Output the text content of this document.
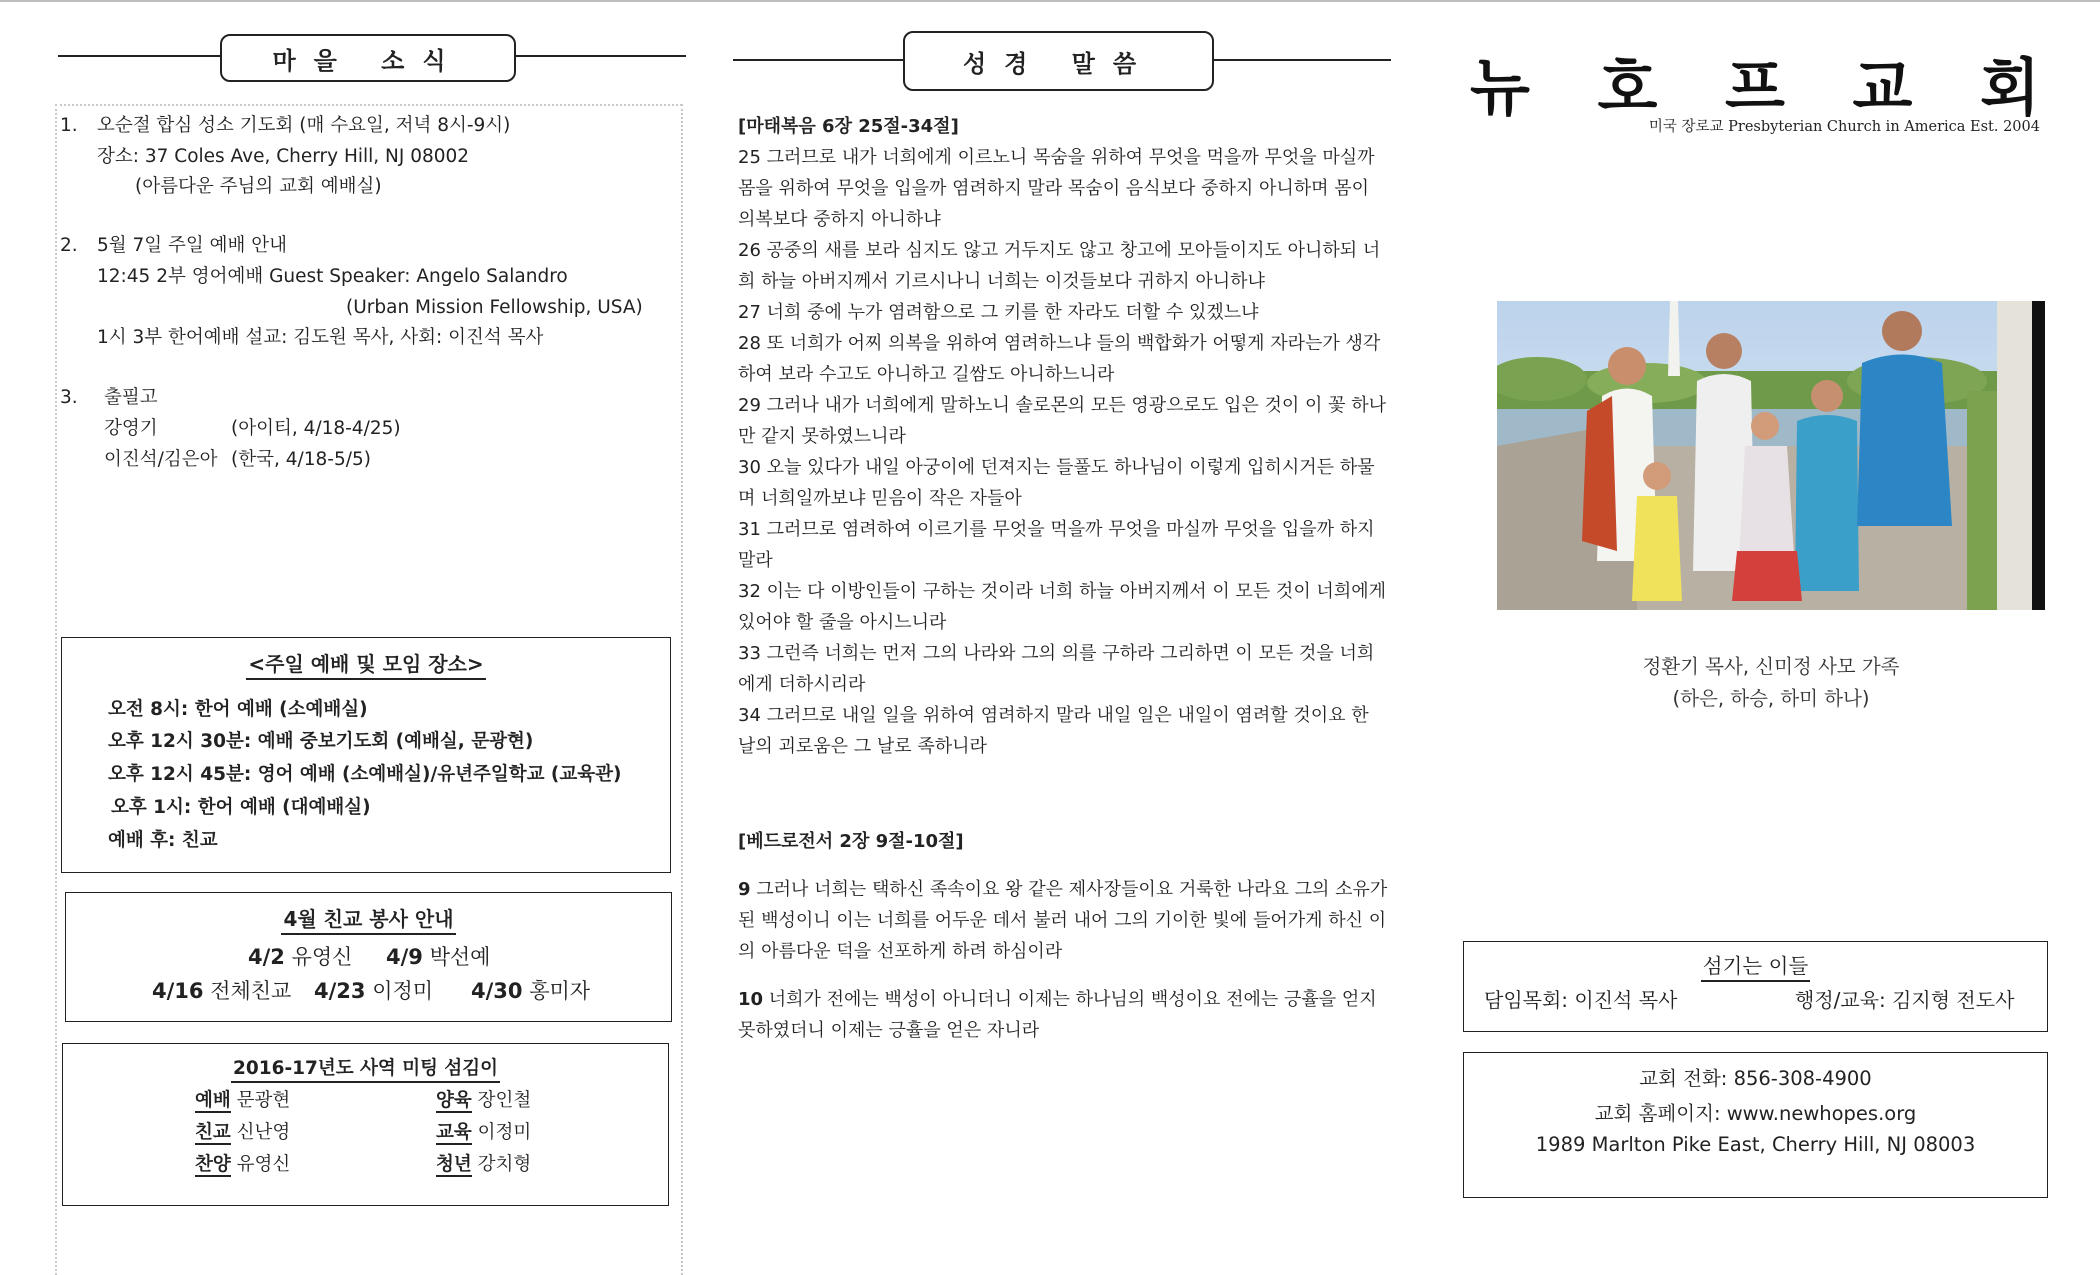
마을 소식
1. 오순절 합심 성소 기도회 (매 수요일, 저녁 8시-9시)
장소: 37 Coles Ave, Cherry Hill, NJ 08002
(아름다운 주님의 교회 예배실)
2. 5월 7일 주일 예배 안내
12:45 2부 영어예배 Guest Speaker: Angelo Salandro
(Urban Mission Fellowship, USA)
1시 3부 한어예배 설교: 김도원 목사, 사회: 이진석 목사
3. 출필고
강영기	(아이티, 4/18-4/25)
이진석/김은아 (한국, 4/18-5/5)
<주일 예배 및 모임 장소>
오전 8시: 한어 예배 (소예배실)
오후 12시 30분: 예배 중보기도회 (예배실, 문광현)
오후 12시 45분: 영어 예배 (소예배실)/유년주일학교 (교육관)
오후 1시: 한어 예배 (대예배실)
예배 후: 친교
4월 친교 봉사 안내
4/2 유영신 4/9 박선예
4/16 전체친교 4/23 이정미 4/30 홍미자
2016-17년도 사역 미팅 섬김이
예배 문광현
친교 신난영
찬양 유영신
양육 장인철
교육 이정미
청년 강치형
성경 말씀

[마태복음 6장 25절-34절]

25 그러므로 내가 너희에게 이르노니 목숨을 위하여 무엇을 먹을까 무엇을 마실까 몸을 위하여 무엇을 입을까 염려하지 말라 목숨이 음식보다 중하지 아니하며 몸이 의복보다 중하지 아니하냐

26 공중의 새를 보라 심지도 않고 거두지도 않고 창고에 모아들이지도 아니하되 너희 하늘 아버지께서 기르시나니 너희는 이것들보다 귀하지 아니하냐

27 너희 중에 누가 염려함으로 그 키를 한 자라도 더할 수 있겠느냐

28 또 너희가 어찌 의복을 위하여 염려하느냐 들의 백합화가 어떻게 자라는가 생각하여 보라 수고도 아니하고 길쌈도 아니하느니라

29 그러나 내가 너희에게 말하노니 솔로몬의 모든 영광으로도 입은 것이 이 꽃 하나만 같지 못하였느니라

30 오늘 있다가 내일 아궁이에 던져지는 들풀도 하나님이 이렇게 입히시거든 하물며 너희일까보냐 믿음이 작은 자들아

31 그러므로 염려하여 이르기를 무엇을 먹을까 무엇을 마실까 무엇을 입을까 하지 말라

32 이는 다 이방인들이 구하는 것이라 너희 하늘 아버지께서 이 모든 것이 너희에게 있어야 할 줄을 아시느니라

33 그런즉 너희는 먼저 그의 나라와 그의 의를 구하라 그리하면 이 모든 것을 너희에게 더하시리라

34 그러므로 내일 일을 위하여 염려하지 말라 내일 일은 내일이 염려할 것이요 한 날의 괴로움은 그 날로 족하니라

[베드로전서 2장 9절-10절]

9 그러나 너희는 택하신 족속이요 왕 같은 제사장들이요 거룩한 나라요 그의 소유가 된 백성이니 이는 너희를 어두운 데서 불러 내어 그의 기이한 빛에 들어가게 하신 이의 아름다운 덕을 선포하게 하려 하심이라

10 너희가 전에는 백성이 아니더니 이제는 하나님의 백성이요 전에는 긍휼을 얻지 못하였더니 이제는 긍휼을 얻은 자니라

뉴 호 프 교 회
미국 장로교 Presbyterian Church in America Est. 2004
정환기 목사, 신미정 사모 가족
(하은, 하승, 하미 하나)
섬기는 이들
담임목회: 이진석 목사	행정/교육: 김지형 전도사
교회 전화: 856-308-4900
교회 홈페이지: www.newhopes.org
1989 Marlton Pike East, Cherry Hill, NJ 08003
